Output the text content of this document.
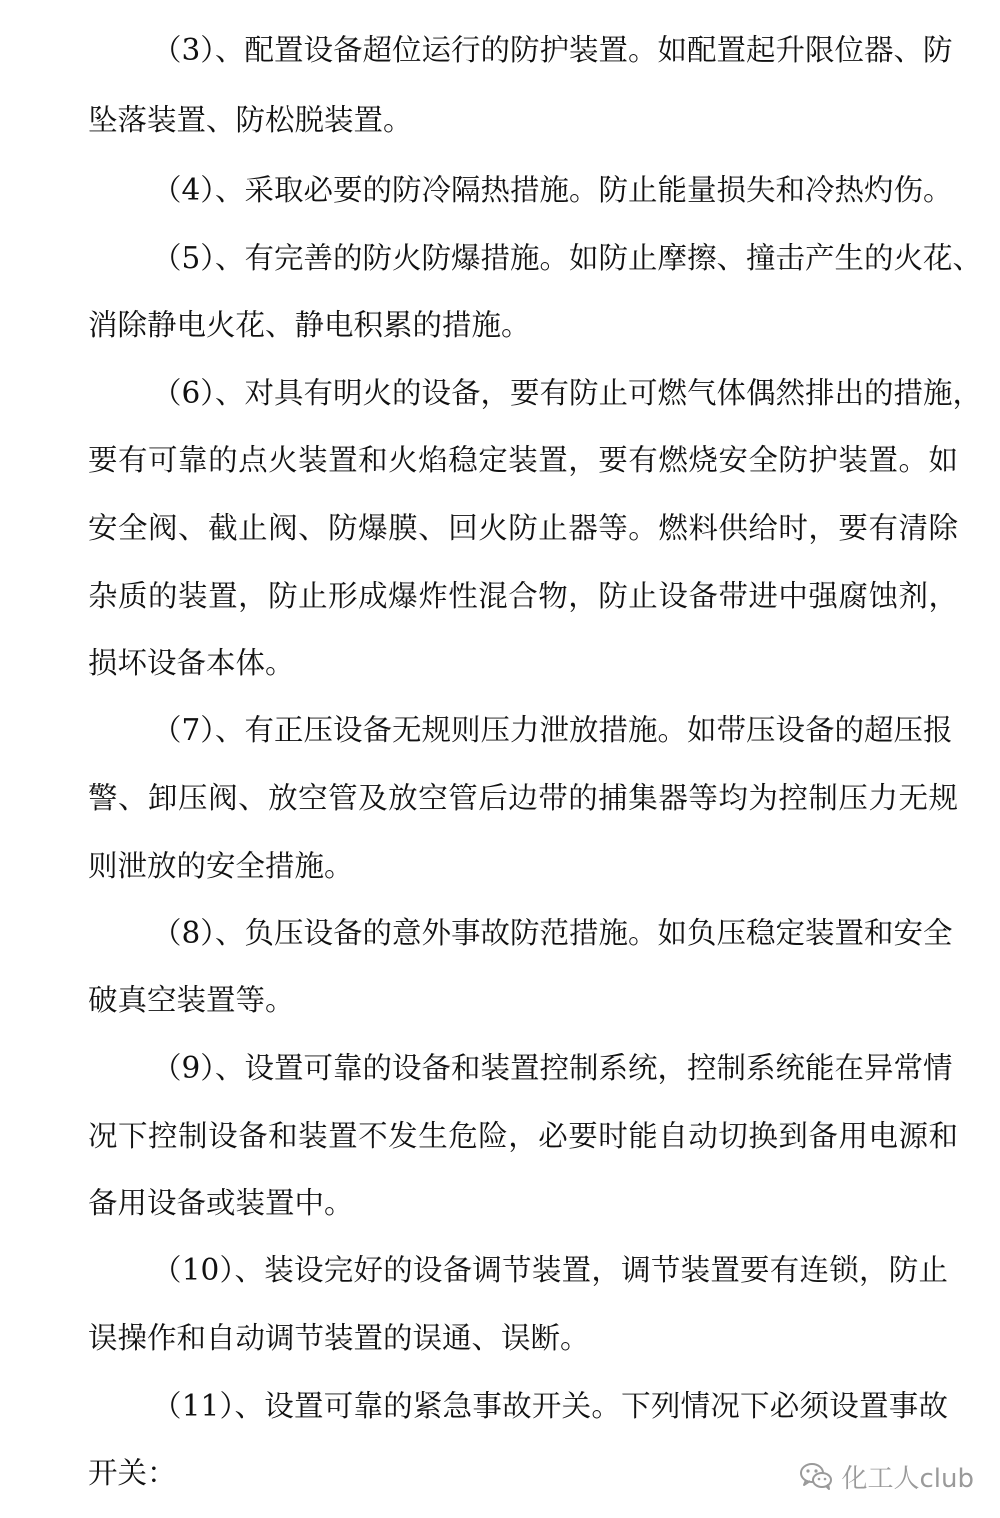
（3）、配置设备超位运行的防护装置。如配置起升限位器、防
坠落装置、防松脱装置。
（4）、采取必要的防冷隔热措施。防止能量损失和冷热灼伤。
（5）、有完善的防火防爆措施。如防止摩擦、撞击产生的火花、
消除静电火花、静电积累的措施。
（6）、对具有明火的设备，要有防止可燃气体偶然排出的措施，
要有可靠的点火装置和火焰稳定装置，要有燃烧安全防护装置。如
安全阀、截止阀、防爆膜、回火防止器等。燃料供给时，要有清除
杂质的装置，防止形成爆炸性混合物，防止设备带进中强腐蚀剂，
损坏设备本体。
（7）、有正压设备无规则压力泄放措施。如带压设备的超压报
警、卸压阀、放空管及放空管后边带的捕集器等均为控制压力无规
则泄放的安全措施。
（8）、负压设备的意外事故防范措施。如负压稳定装置和安全
破真空装置等。
（9）、设置可靠的设备和装置控制系统，控制系统能在异常情
况下控制设备和装置不发生危险，必要时能自动切换到备用电源和
备用设备或装置中。
（10）、装设完好的设备调节装置，调节装置要有连锁，防止
误操作和自动调节装置的误通、误断。
（11）、设置可靠的紧急事故开关。下列情况下必须设置事故
开关：	化工人club
